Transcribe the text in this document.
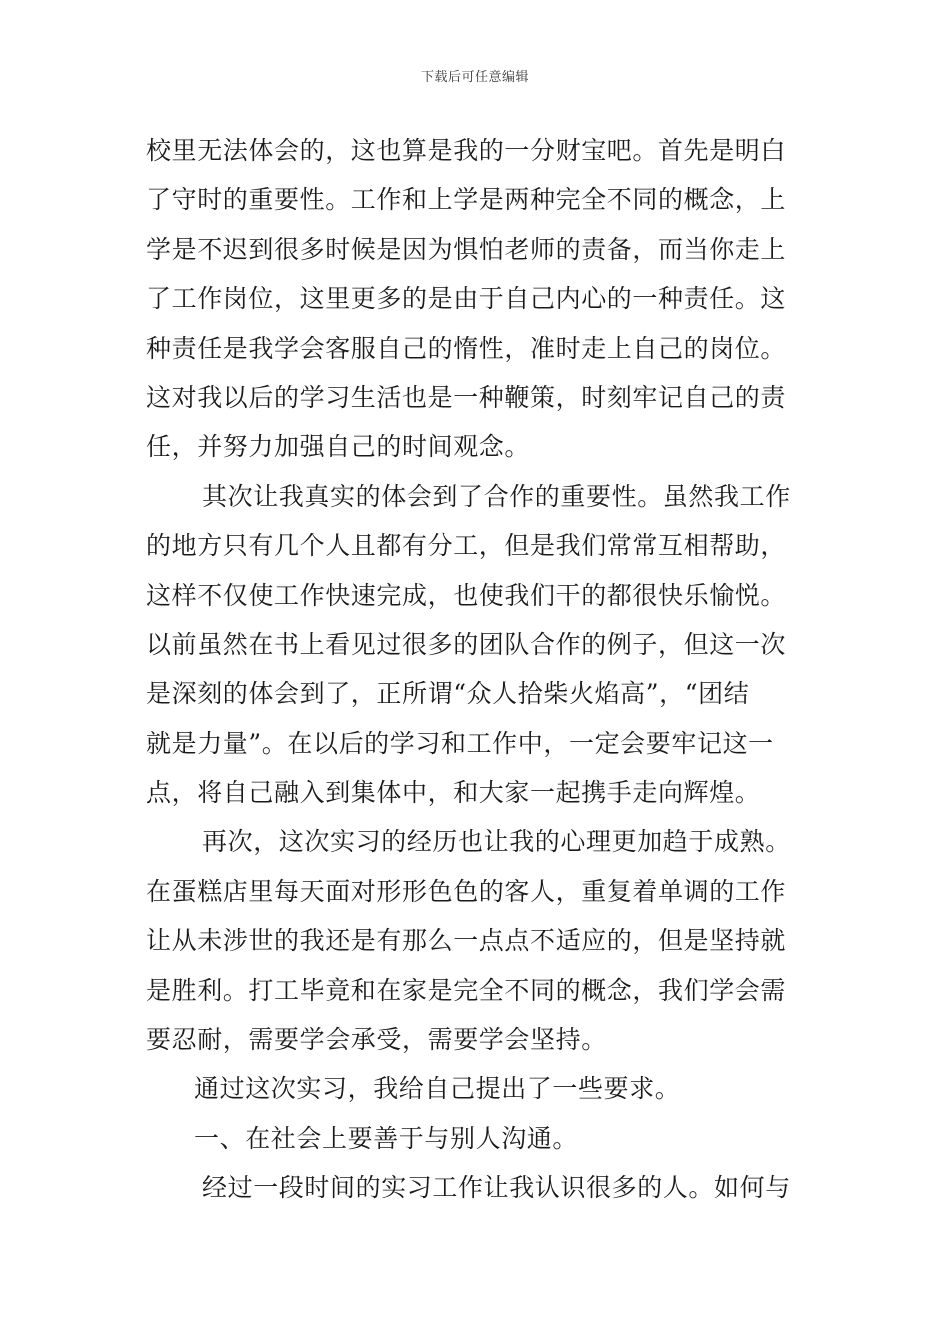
下载后可任意编辑
校里无法体会的，这也算是我的一分财宝吧。首先是明白
了守时的重要性。工作和上学是两种完全不同的概念，上
学是不迟到很多时候是因为惧怕老师的责备，而当你走上
了工作岗位，这里更多的是由于自己内心的一种责任。这
种责任是我学会客服自己的惰性，准时走上自己的岗位。
这对我以后的学习生活也是一种鞭策，时刻牢记自己的责
任，并努力加强自己的时间观念。
其次让我真实的体会到了合作的重要性。虽然我工作
的地方只有几个人且都有分工，但是我们常常互相帮助，
这样不仅使工作快速完成，也使我们干的都很快乐愉悦。
以前虽然在书上看见过很多的团队合作的例子，但这一次
是深刻的体会到了，正所谓“众人拾柴火焰高”，“团结
就是力量”。在以后的学习和工作中，一定会要牢记这一
点，将自己融入到集体中，和大家一起携手走向辉煌。
再次，这次实习的经历也让我的心理更加趋于成熟。
在蛋糕店里每天面对形形色色的客人，重复着单调的工作
让从未涉世的我还是有那么一点点不适应的，但是坚持就
是胜利。打工毕竟和在家是完全不同的概念，我们学会需
要忍耐，需要学会承受，需要学会坚持。
通过这次实习，我给自己提出了一些要求。
一、在社会上要善于与别人沟通。
经过一段时间的实习工作让我认识很多的人。如何与
